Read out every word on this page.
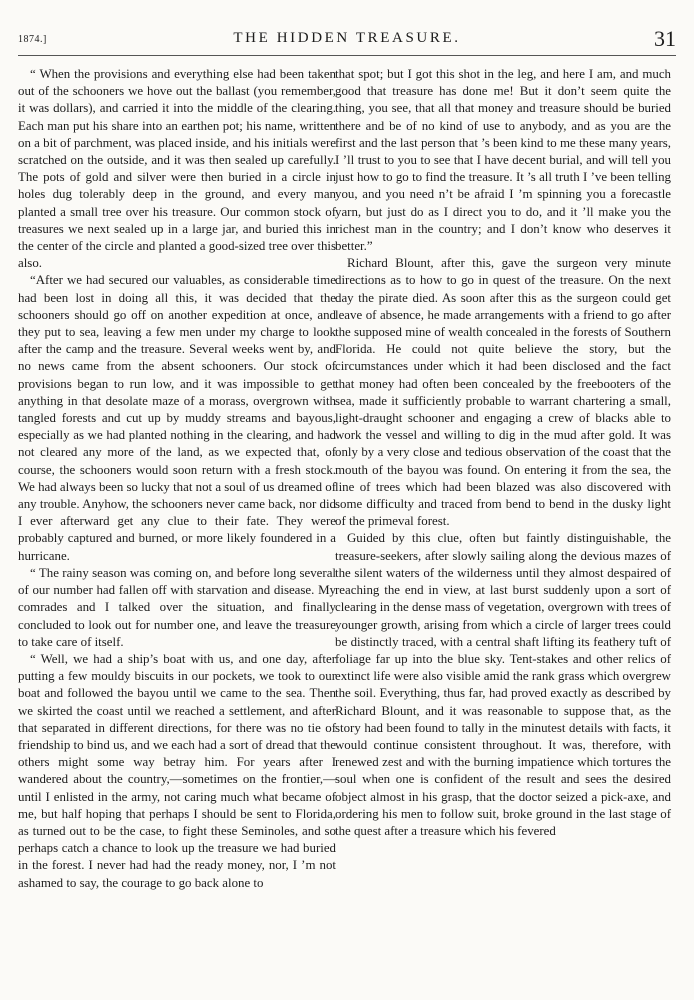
1874.]	THE HIDDEN TREASURE.	31

“ When the provisions and everything else had been taken out of the schooners we hove out the ballast (you remember, it was dollars), and carried it into the middle of the clearing. Each man put his share into an earthen pot; his name, written on a bit of parchment, was placed inside, and his initials were scratched on the outside, and it was then sealed up carefully. The pots of gold and silver were then buried in a circle in holes dug tolerably deep in the ground, and every man planted a small tree over his treasure. Our common stock of treasures we next sealed up in a large jar, and buried this in the center of the circle and planted a good-sized tree over this also.

“After we had secured our valuables, as considerable time had been lost in doing all this, it was decided that the schooners should go off on another expedition at once, and they put to sea, leaving a few men under my charge to look after the camp and the treasure. Several weeks went by, and no news came from the absent schooners. Our stock of provisions began to run low, and it was impossible to get anything in that desolate maze of a morass, overgrown with tangled forests and cut up by muddy streams and bayous, especially as we had planted nothing in the clearing, and had not cleared any more of the land, as we expected that, of course, the schooners would soon return with a fresh stock. We had always been so lucky that not a soul of us dreamed of any trouble. Anyhow, the schooners never came back, nor did I ever afterward get any clue to their fate. They were probably captured and burned, or more likely foundered in a hurricane.

“ The rainy season was coming on, and before long several of our number had fallen off with starvation and disease. My comrades and I talked over the situation, and finally concluded to look out for number one, and leave the treasure to take care of itself.

“ Well, we had a ship’s boat with us, and one day, after putting a few mouldy biscuits in our pockets, we took to our boat and followed the bayou until we came to the sea. Then we skirted the coast until we reached a settlement, and after that separated in different directions, for there was no tie of friendship to bind us, and we each had a sort of dread that the others might some way betray him. For years after I wandered about the country,—sometimes on the frontier,—until I enlisted in the army, not caring much what became of me, but half hoping that perhaps I should be sent to Florida, as turned out to be the case, to fight these Seminoles, and so perhaps catch a chance to look up the treasure we had buried in the forest. I never had had the ready money, nor, I ’m not ashamed to say, the courage to go back alone to

that spot; but I got this shot in the leg, and here I am, and much good that treasure has done me! But it don’t seem quite the thing, you see, that all that money and treasure should be buried there and be of no kind of use to anybody, and as you are the first and the last person that ’s been kind to me these many years, I ’ll trust to you to see that I have decent burial, and will tell you just how to go to find the treasure. It ’s all truth I ’ve been telling you, and you need n’t be afraid I ’m spinning you a forecastle yarn, but just do as I direct you to do, and it ’ll make you the richest man in the country; and I don’t know who deserves it better.”

Richard Blount, after this, gave the surgeon very minute directions as to how to go in quest of the treasure. On the next day the pirate died. As soon after this as the surgeon could get leave of absence, he made arrangements with a friend to go after the supposed mine of wealth concealed in the forests of Southern Florida. He could not quite believe the story, but the circumstances under which it had been disclosed and the fact that money had often been concealed by the freebooters of the sea, made it sufficiently probable to warrant chartering a small, light-draught schooner and engaging a crew of blacks able to work the vessel and willing to dig in the mud after gold. It was only by a very close and tedious observation of the coast that the mouth of the bayou was found. On entering it from the sea, the line of trees which had been blazed was also discovered with some difficulty and traced from bend to bend in the dusky light of the primeval forest.

Guided by this clue, often but faintly distinguishable, the treasure-seekers, after slowly sailing along the devious mazes of the silent waters of the wilderness until they almost despaired of reaching the end in view, at last burst suddenly upon a sort of clearing in the dense mass of vegetation, overgrown with trees of younger growth, arising from which a circle of larger trees could be distinctly traced, with a central shaft lifting its feathery tuft of foliage far up into the blue sky. Tent-stakes and other relics of extinct life were also visible amid the rank grass which overgrew the soil. Everything, thus far, had proved exactly as described by Richard Blount, and it was reasonable to suppose that, as the story had been found to tally in the minutest details with facts, it would continue consistent throughout. It was, therefore, with renewed zest and with the burning impatience which tortures the soul when one is confident of the result and sees the desired object almost in his grasp, that the doctor seized a pick-axe, and ordering his men to follow suit, broke ground in the last stage of the quest after a treasure which his fevered
